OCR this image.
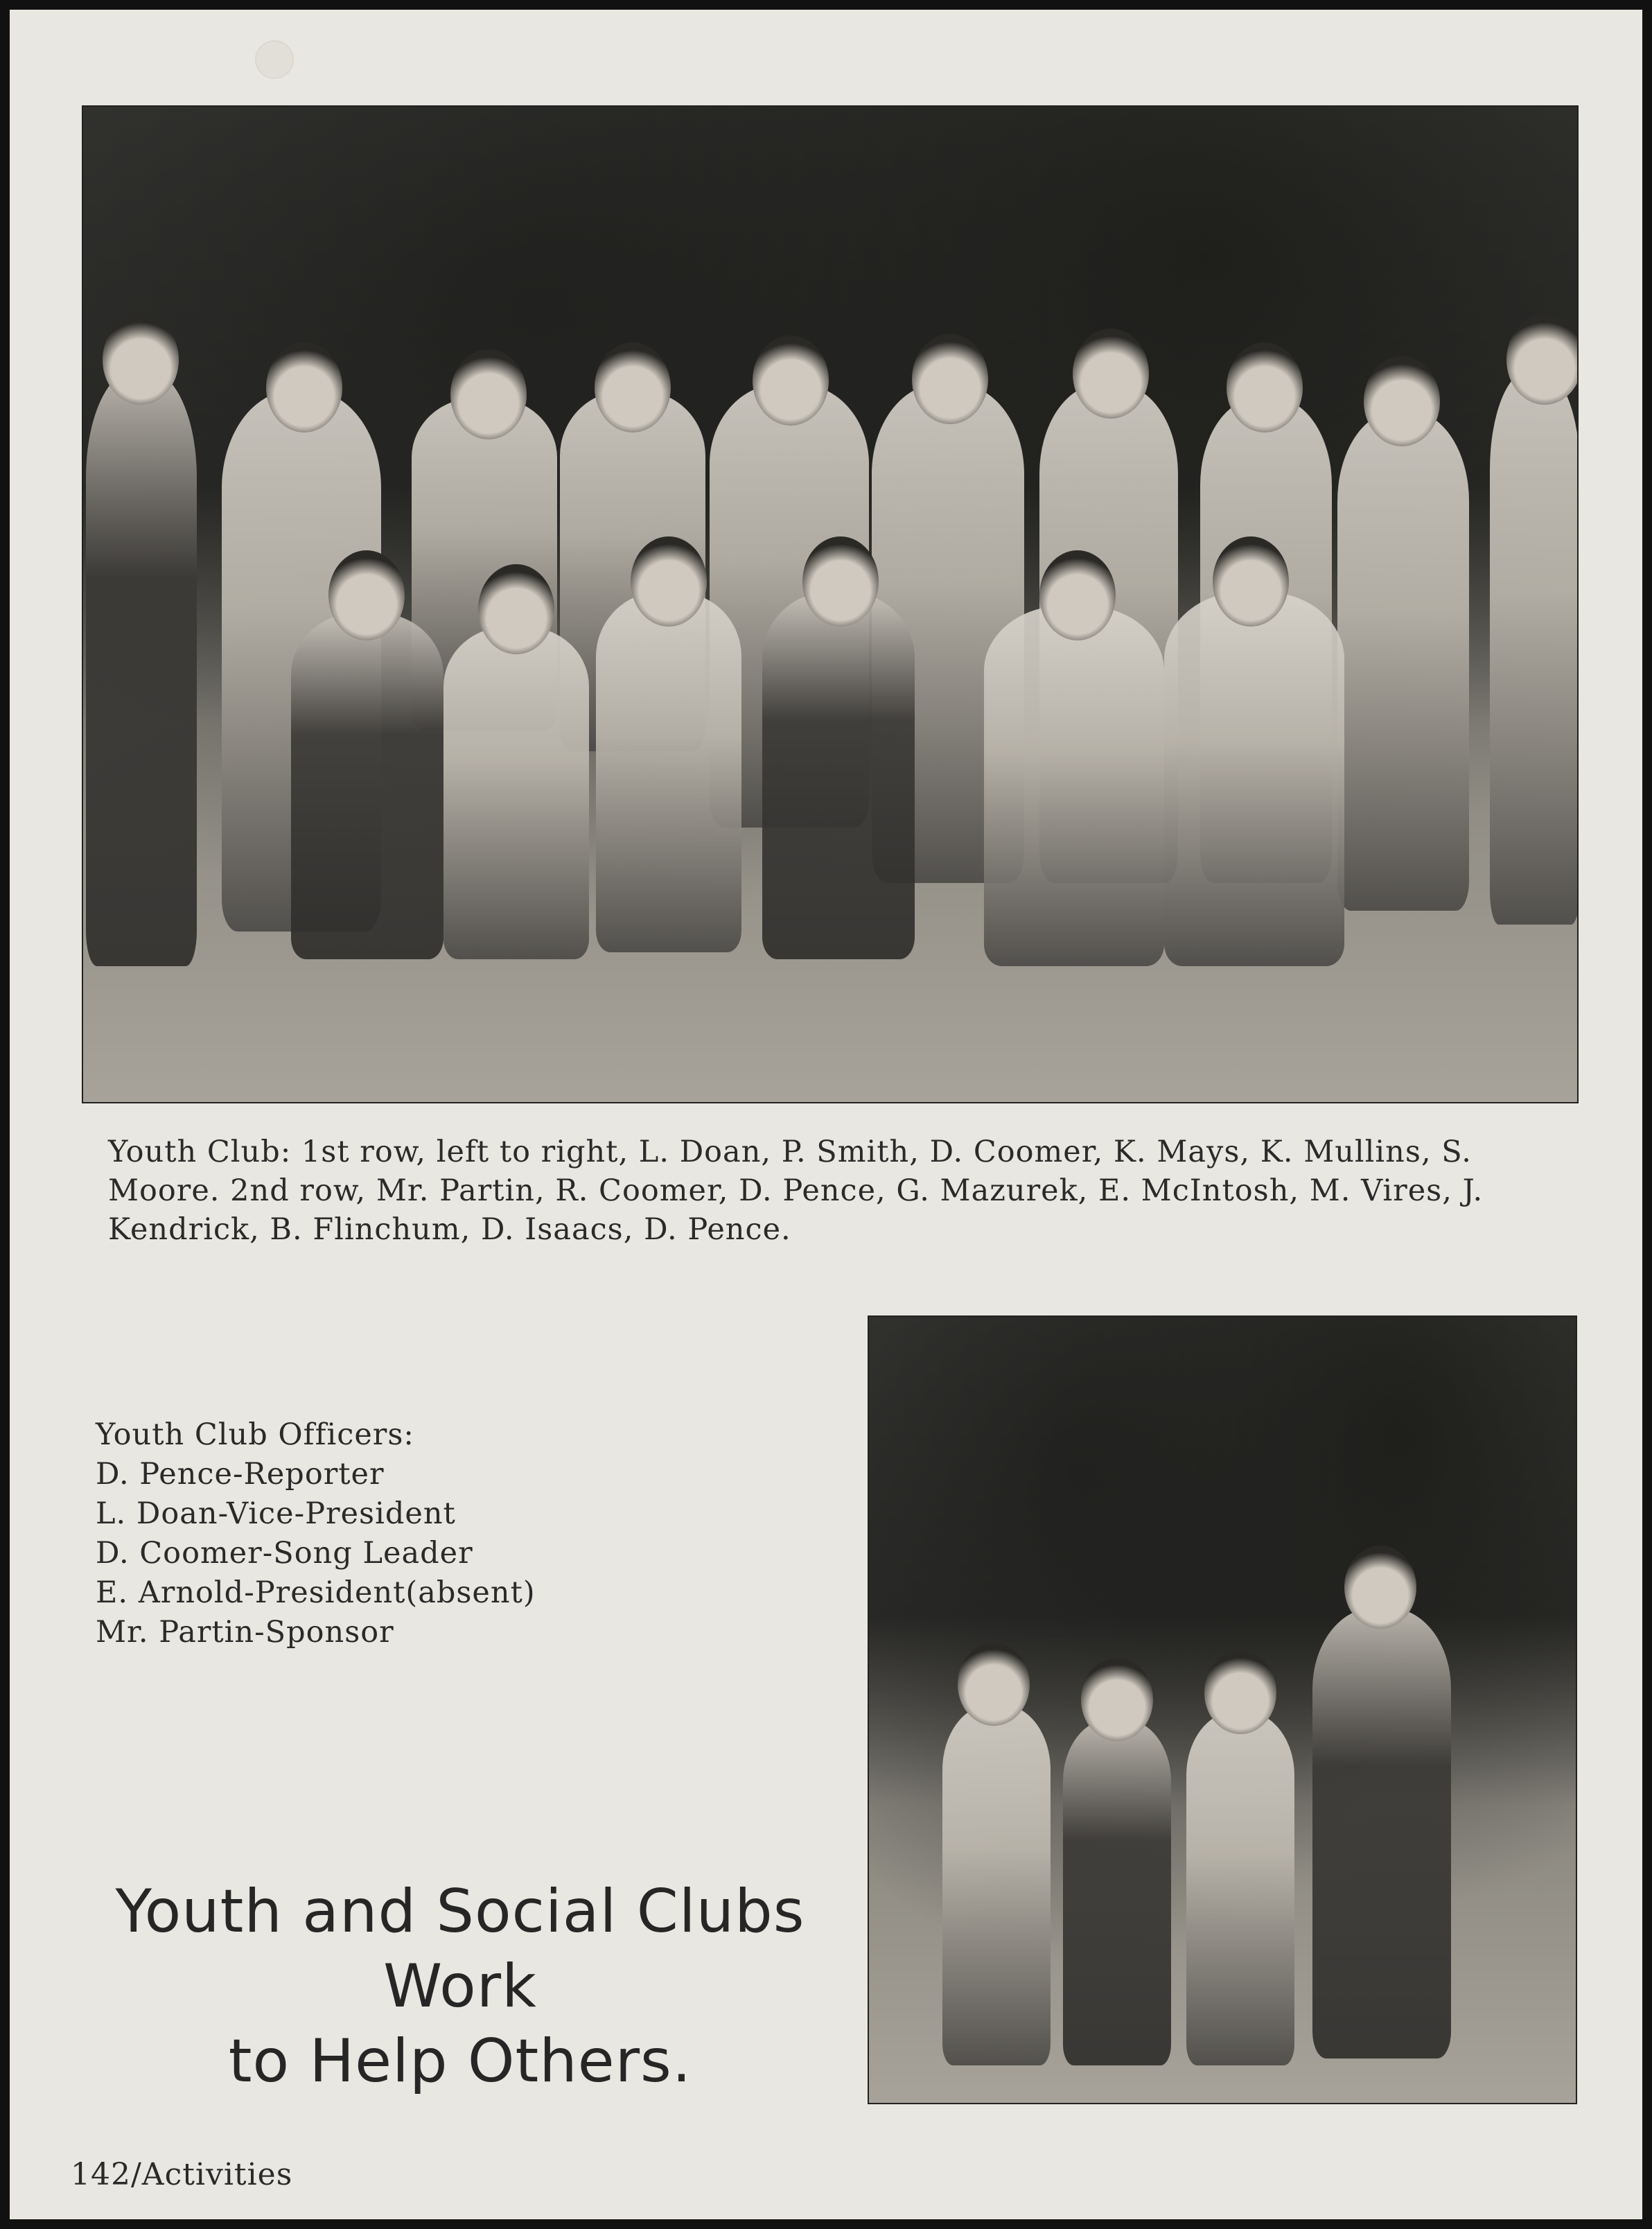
Youth Club: 1st row, left to right, L. Doan, P. Smith, D. Coomer, K. Mays, K. Mullins, S. Moore. 2nd row, Mr. Partin, R. Coomer, D. Pence, G. Mazurek, E. McIntosh, M. Vires, J. Kendrick, B. Flinchum, D. Isaacs, D. Pence.

Youth Club Officers:
D. Pence-Reporter
L. Doan-Vice-President
D. Coomer-Song Leader
E. Arnold-President(absent)
Mr. Partin-Sponsor
Youth and Social Clubs
Work
to Help Others.
142/Activities
